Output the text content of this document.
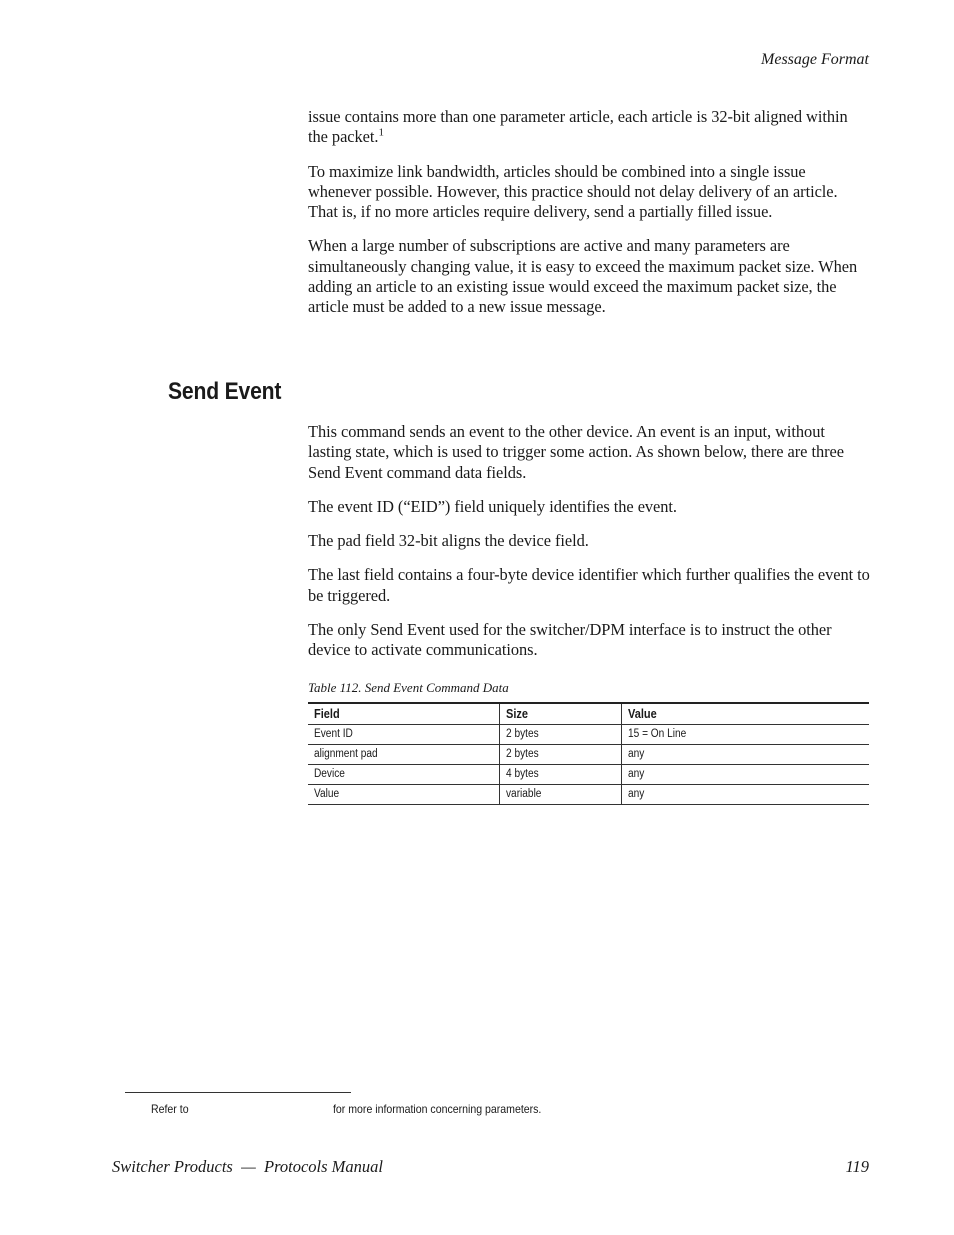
Message Format

issue contains more than one parameter article, each article is 32-bit aligned within the packet.$^1$

To maximize link bandwidth, articles should be combined into a single issue whenever possible. However, this practice should not delay delivery of an article. That is, if no more articles require delivery, send a partially filled issue.

When a large number of subscriptions are active and many parameters are simultaneously changing value, it is easy to exceed the maximum packet size. When adding an article to an existing issue would exceed the maximum packet size, the article must be added to a new issue message.

Send Event

This command sends an event to the other device. An event is an input, without lasting state, which is used to trigger some action. As shown below, there are three Send Event command data fields.

The event ID (“EID”) field uniquely identifies the event.

The pad field 32-bit aligns the device field.

The last field contains a four-byte device identifier which further qualifies the event to be triggered.

The only Send Event used for the switcher/DPM interface is to instruct the other device to activate communications.

Table 112. Send Event Command Data

Field	Size	Value
Event ID	2 bytes	15 = On Line
alignment pad	2 bytes	any
Device	4 bytes	any
Value	variable	any

Refer to	for more information concerning parameters.

Switcher Products  —  Protocols Manual	119
